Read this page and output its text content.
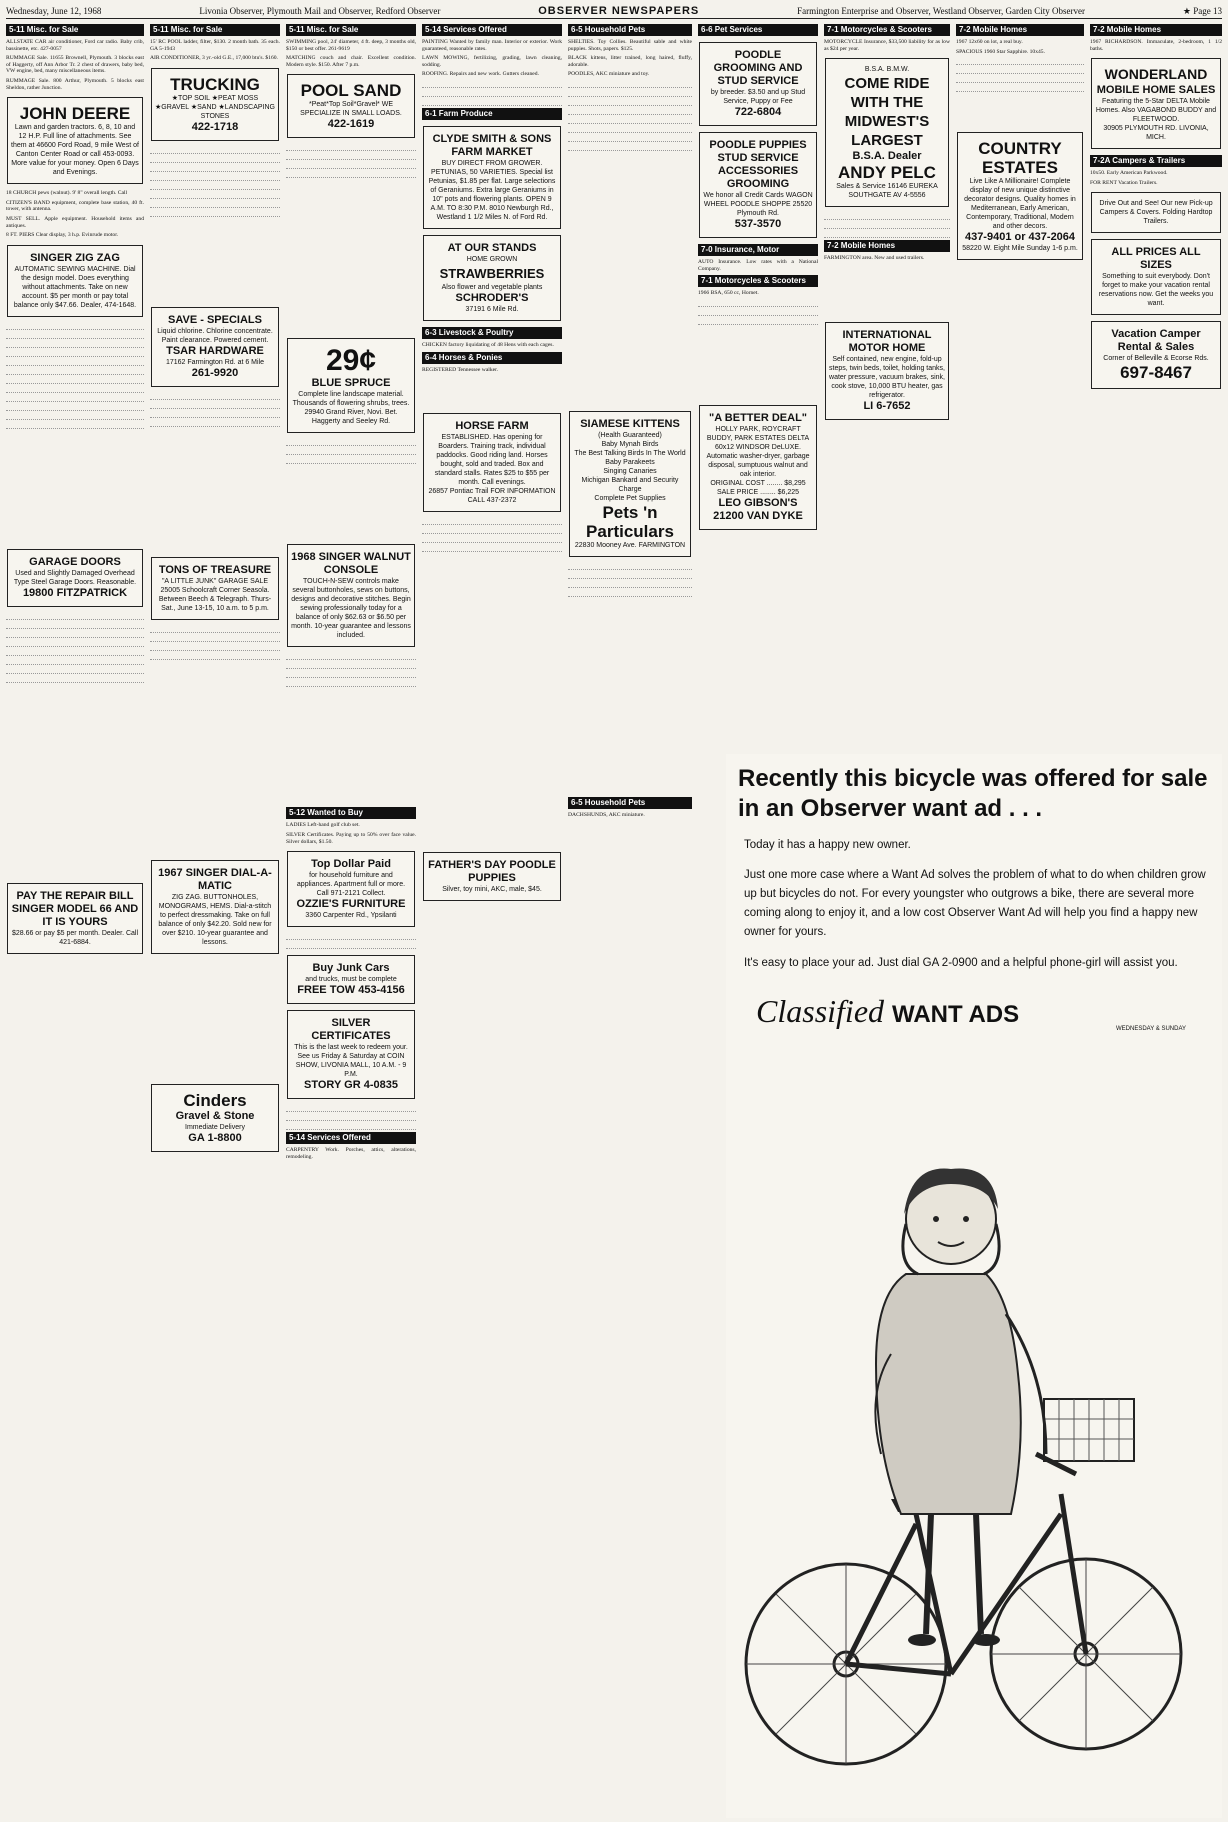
Wednesday, June 12, 1968	Livonia Observer, Plymouth Mail and Observer, Redford Observer	OBSERVER NEWSPAPERS	Farmington Enterprise and Observer, Westland Observer, Garden City Observer	★ Page 13
5-11 Misc. for Sale

ALLSTATE CAR air conditioner, Ford car radio. Baby crib, bassinette, etc. 427-0057

RUMMAGE Sale. 11655 Brownell, Plymouth. 3 blocks east of Haggerty, off Ann Arbor Tr. 2 chest of drawers, baby bed, VW engine, bed, many miscellaneous items.

RUMMAGE Sale. 800 Arthur, Plymouth. 5 blocks east Sheldon, rather Junction.

JOHN DEERE
Lawn and garden tractors. 6, 8, 10 and 12 H.P. Full line of attachments. See them at 46600 Ford Road, 9 mile West of Canton Center Road or call 453-0093. More value for your money. Open 6 Days and Evenings.

18 CHURCH pews (walnut). 9' 8" overall length. Call

CITIZEN'S BAND equipment, complete base station, 40 ft. tower, with antenna.

MUST SELL. Apple equipment. Household items and antiques.

8 FT. PIERS Clear display, 3 h.p. Evinrude motor.

SINGER ZIG ZAG
AUTOMATIC SEWING MACHINE. Dial the design model. Does everything without attachments. Take on new account. $5 per month or pay total balance only $47.66. Dealer, 474-1648.
GARAGE DOORS
Used and Slightly Damaged Overhead Type Steel Garage Doors. Reasonable.
19800 FITZPATRICK
PAY THE REPAIR BILL SINGER MODEL 66 AND IT IS YOURS
$28.66 or pay $5 per month. Dealer. Call 421-6884.
5-11 Misc. for Sale

15' RC POOL ladder, filter, $130. 2 month bath. 35 each. GA 5-1943

AIR CONDITIONER, 3 yr.-old G.E., 17,000 btu's. $160.

TRUCKING
★TOP SOIL ★PEAT MOSS ★GRAVEL ★SAND ★LANDSCAPING STONES
422-1718
SAVE - SPECIALS
Liquid chlorine. Chlorine concentrate. Paint clearance. Powered cement.
TSAR HARDWARE
17162 Farmington Rd. at 6 Mile
261-9920
TONS OF TREASURE
"A LITTLE JUNK" GARAGE SALE 25005 Schoolcraft Corner Seasola. Between Beech & Telegraph. Thurs-Sat., June 13-15, 10 a.m. to 5 p.m.
1967 SINGER DIAL-A-MATIC
ZIG ZAG. BUTTONHOLES, MONOGRAMS, HEMS. Dial-a-stitch to perfect dressmaking. Take on full balance of only $42.20. Sold new for over $210. 10-year guarantee and lessons.
Cinders
Gravel & Stone
Immediate Delivery
GA 1-8800
5-11 Misc. for Sale

SWIMMING pool, 24' diameter, 4 ft. deep, 3 months old, $150 or best offer. 261-9619

MATCHING couch and chair. Excellent condition. Modern style. $150. After 7 p.m.

POOL SAND
*Peat*Top Soil*Gravel* WE SPECIALIZE IN SMALL LOADS.
422-1619
29¢
BLUE SPRUCE
Complete line landscape material. Thousands of flowering shrubs, trees. 29940 Grand River, Novi. Bet. Haggerty and Seeley Rd.
1968 SINGER WALNUT CONSOLE
TOUCH-N-SEW controls make several buttonholes, sews on buttons, designs and decorative stitches. Begin sewing professionally today for a balance of only $62.63 or $6.50 per month. 10-year guarantee and lessons included.
5-12 Wanted to Buy

LADIES Left-hand golf club set.

SILVER Certificates. Paying up to 50% over face value. Silver dollars, $1.50.

Top Dollar Paid
for household furniture and appliances. Apartment full or more. Call 971-2121 Collect.
OZZIE'S FURNITURE
3360 Carpenter Rd., Ypsilanti
Buy Junk Cars
and trucks, must be complete
FREE TOW 453-4156
SILVER CERTIFICATES
This is the last week to redeem your. See us Friday & Saturday at COIN SHOW, LIVONIA MALL, 10 A.M. - 9 P.M.
STORY GR 4-0835
5-14 Services Offered

CARPENTRY Work. Porches, attics, alterations, remodeling.

5-14 Services Offered

PAINTING Wanted by family man. Interior or exterior. Work guaranteed, reasonable rates.

LAWN MOWING, fertilizing, grading, lawn cleaning, sodding.

ROOFING. Repairs and new work. Gutters cleaned.

6-1 Farm Produce
CLYDE SMITH & SONS FARM MARKET
BUY DIRECT FROM GROWER. PETUNIAS, 50 VARIETIES. Special list Petunias, $1.85 per flat. Large selections of Geraniums. Extra large Geraniums in 10" pots and flowering plants. OPEN 9 A.M. TO 8:30 P.M. 8010 Newburgh Rd., Westland 1 1/2 Miles N. of Ford Rd.
AT OUR STANDS
HOME GROWN
STRAWBERRIES
Also flower and vegetable plants
SCHRODER'S
37191 6 Mile Rd.
6-3 Livestock & Poultry

CHICKEN factory liquidating of 48 Hens with each cages.

6-4 Horses & Ponies

REGISTERED Tennessee walker.

HORSE FARM
ESTABLISHED. Has opening for Boarders. Training track, individual paddocks. Good riding land. Horses bought, sold and traded. Box and standard stalls. Rates $25 to $55 per month. Call evenings.
26857 Pontiac Trail FOR INFORMATION CALL 437-2372
FATHER'S DAY POODLE PUPPIES
Silver, toy mini, AKC, male, $45.
6-5 Household Pets

SHELTIES. Toy Collies. Beautiful sable and white puppies. Shots, papers. $125.

BLACK kittens, litter trained, long haired, fluffy, adorable.

POODLES, AKC miniature and toy.

SIAMESE KITTENS
(Health Guaranteed)
Baby Mynah Birds
The Best Talking Birds In The World
Baby Parakeets
Singing Canaries
Michigan Bankard and Security Charge
Complete Pet Supplies
Pets 'n Particulars
22830 Mooney Ave. FARMINGTON
6-5 Household Pets

DACHSHUNDS, AKC miniature.

6-6 Pet Services
POODLE GROOMING AND STUD SERVICE
by breeder. $3.50 and up Stud Service, Puppy or Fee
722-6804
POODLE PUPPIES STUD SERVICE ACCESSORIES GROOMING
We honor all Credit Cards WAGON WHEEL POODLE SHOPPE 25520 Plymouth Rd.
537-3570
7-0 Insurance, Motor

AUTO Insurance. Low rates with a National Company.

7-1 Motorcycles & Scooters

1966 BSA, 650 cc, Hornet.

"A BETTER DEAL"
HOLLY PARK, ROYCRAFT BUDDY, PARK ESTATES DELTA 60x12 WINDSOR DeLUXE. Automatic washer-dryer, garbage disposal, sumptuous walnut and oak interior.
ORIGINAL COST ........ $8,295
SALE PRICE ........ $6,225
LEO GIBSON'S
21200 VAN DYKE
7-1 Motorcycles & Scooters

MOTORCYCLE Insurance, $33,500 liability for as low as $24 per year.

B.S.A. B.M.W.
COME RIDE WITH THE MIDWEST'S LARGEST
B.S.A. Dealer
ANDY PELC
Sales & Service 16146 EUREKA SOUTHGATE AV 4-5556
7-2 Mobile Homes

FARMINGTON area. New and used trailers.

INTERNATIONAL MOTOR HOME
Self contained, new engine, fold-up steps, twin beds, toilet, holding tanks, water pressure, vacuum brakes, sink, cook stove, 10,000 BTU heater, gas refrigerator.
LI 6-7652
7-2 Mobile Homes

1967 12x60 on lot, a real buy.

SPACIOUS 1960 Star Sapphire. 10x45.

COUNTRY ESTATES
Live Like A Millionaire! Complete display of new unique distinctive decorator designs. Quality homes in Mediterranean, Early American, Contemporary, Traditional, Modern and other decors.
437-9401 or 437-2064
58220 W. Eight Mile Sunday 1-6 p.m.
7-2 Mobile Homes

1967 RICHARDSON. Immaculate, 2-bedroom, 1 1/2 baths.

WONDERLAND
MOBILE HOME SALES
Featuring the 5-Star DELTA Mobile Homes. Also VAGABOND BUDDY and FLEETWOOD.
30905 PLYMOUTH RD. LIVONIA, MICH.
7-2A Campers & Trailers

10x50. Early American Parkwood.

FOR RENT Vacation Trailers.

Drive Out and See! Our new Pick-up Campers & Covers. Folding Hardtop Trailers.
ALL PRICES ALL SIZES
Something to suit everybody. Don't forget to make your vacation rental reservations now. Get the weeks you want.
Vacation Camper Rental & Sales
Corner of Belleville & Ecorse Rds.
697-8467
Recently this bicycle was offered for sale in an Observer want ad . . .

Today it has a happy new owner.

Just one more case where a Want Ad solves the problem of what to do when children grow up but bicycles do not. For every youngster who outgrows a bike, there are several more coming along to enjoy it, and a low cost Observer Want Ad will help you find a happy new owner for yours.

It's easy to place your ad. Just dial GA 2-0900 and a helpful phone-girl will assist you.

Classified WANT ADS
WEDNESDAY & SUNDAY
